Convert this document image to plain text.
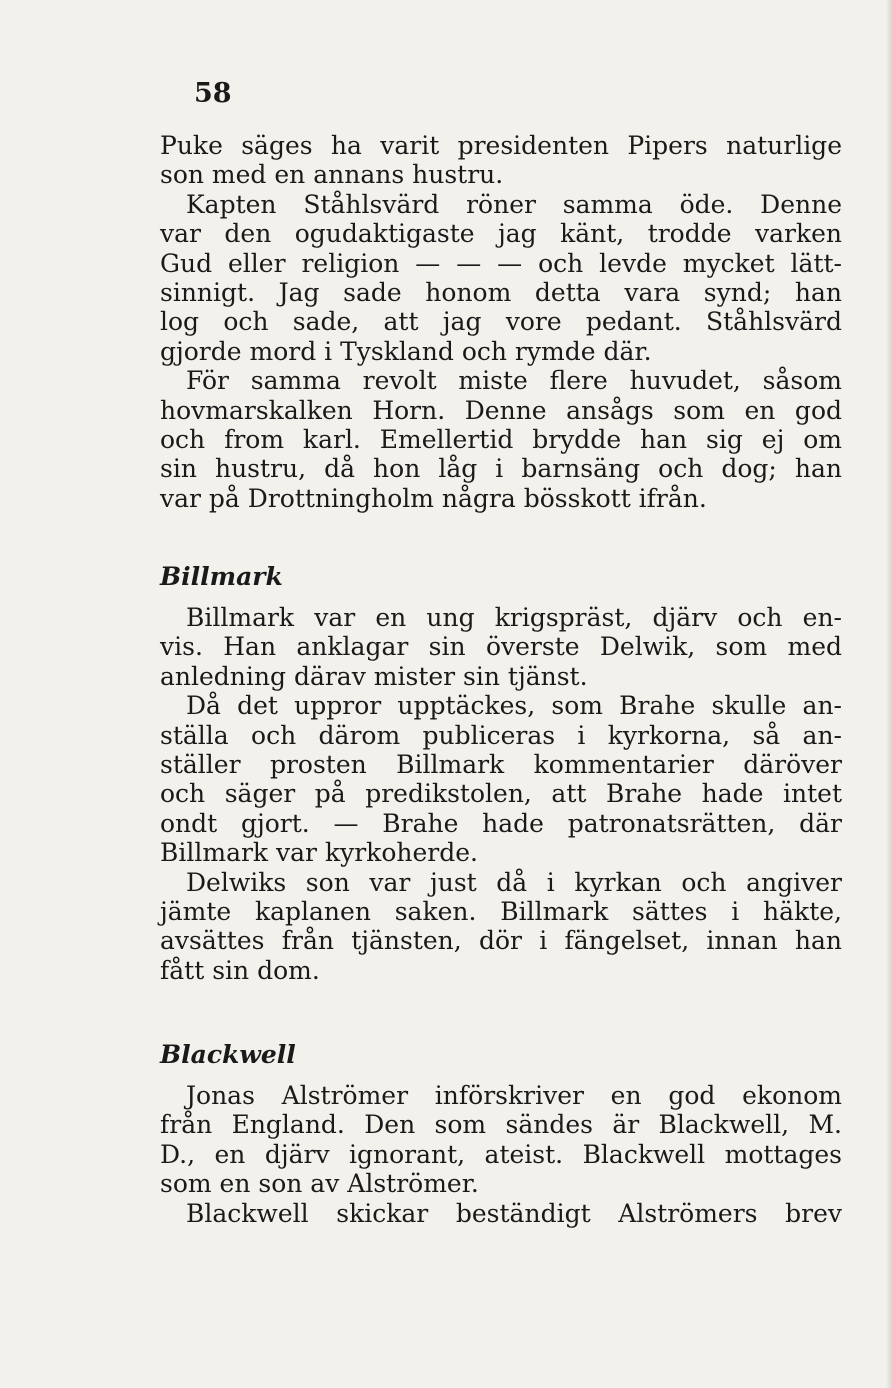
58
Puke säges ha varit presidenten Pipers naturlige
son med en annans hustru.
Kapten Ståhlsvärd röner samma öde. Denne
var den ogudaktigaste jag känt, trodde varken
Gud eller religion — — — och levde mycket lätt-
sinnigt. Jag sade honom detta vara synd; han
log och sade, att jag vore pedant. Ståhlsvärd
gjorde mord i Tyskland och rymde där.
För samma revolt miste flere huvudet, såsom
hovmarskalken Horn. Denne ansågs som en god
och from karl. Emellertid brydde han sig ej om
sin hustru, då hon låg i barnsäng och dog; han
var på Drottningholm några bösskott ifrån.
Billmark
Billmark var en ung krigspräst, djärv och en-
vis. Han anklagar sin överste Delwik, som med
anledning därav mister sin tjänst.
Då det uppror upptäckes, som Brahe skulle an-
ställa och därom publiceras i kyrkorna, så an-
ställer prosten Billmark kommentarier däröver
och säger på predikstolen, att Brahe hade intet
ondt gjort. — Brahe hade patronatsrätten, där
Billmark var kyrkoherde.
Delwiks son var just då i kyrkan och angiver
jämte kaplanen saken. Billmark sättes i häkte,
avsättes från tjänsten, dör i fängelset, innan han
fått sin dom.
Blackwell
Jonas Alströmer införskriver en god ekonom
från England. Den som sändes är Blackwell, M.
D., en djärv ignorant, ateist. Blackwell mottages
som en son av Alströmer.
Blackwell skickar beständigt Alströmers brev
